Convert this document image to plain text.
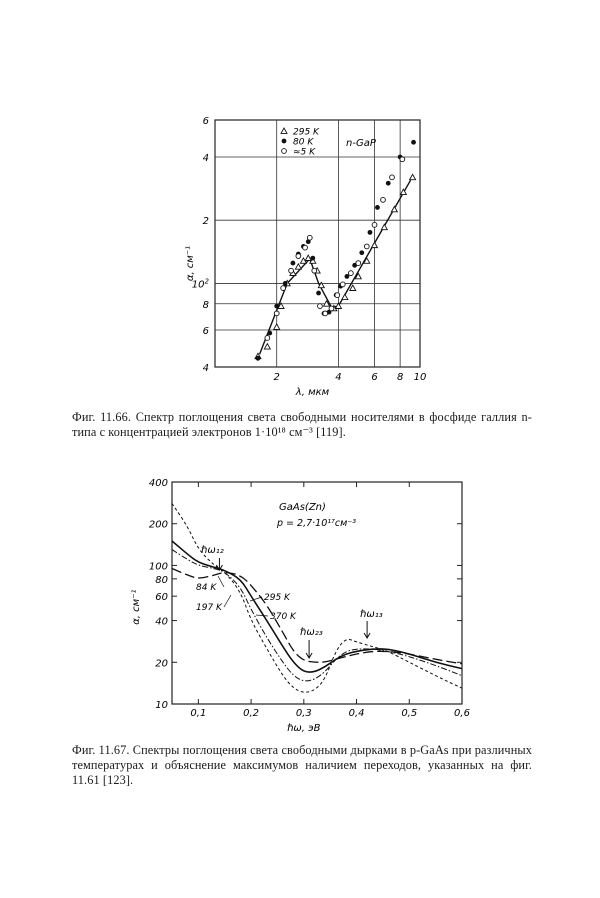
6
4
2
$10^2$
8
6
4
2	4	6 8 10
295 K
80 K
≈5 K
n-GaP
λ, мкм
α, см⁻¹
Фиг. 11.66. Спектр поглощения света свободными носителями в фосфиде галлия n-типа с концентрацией электронов 1·10¹⁸ см⁻³ [119].
400
200
100
80
60
40
20
10
0,1	0,2	0,3	0,4	0,5	0,6
GaAs(Zn)
p = 2,7·10¹⁷см⁻³
84 K
295 K
197 K
370 K
ℏω₁₂
ℏω₂₃
ℏω₁₃
ℏω, эВ
α, см⁻¹
Фиг. 11.67. Спектры поглощения света свободными дырками в p-GaAs при различных температурах и объяснение максимумов наличием переходов, указанных на фиг. 11.61 [123].
